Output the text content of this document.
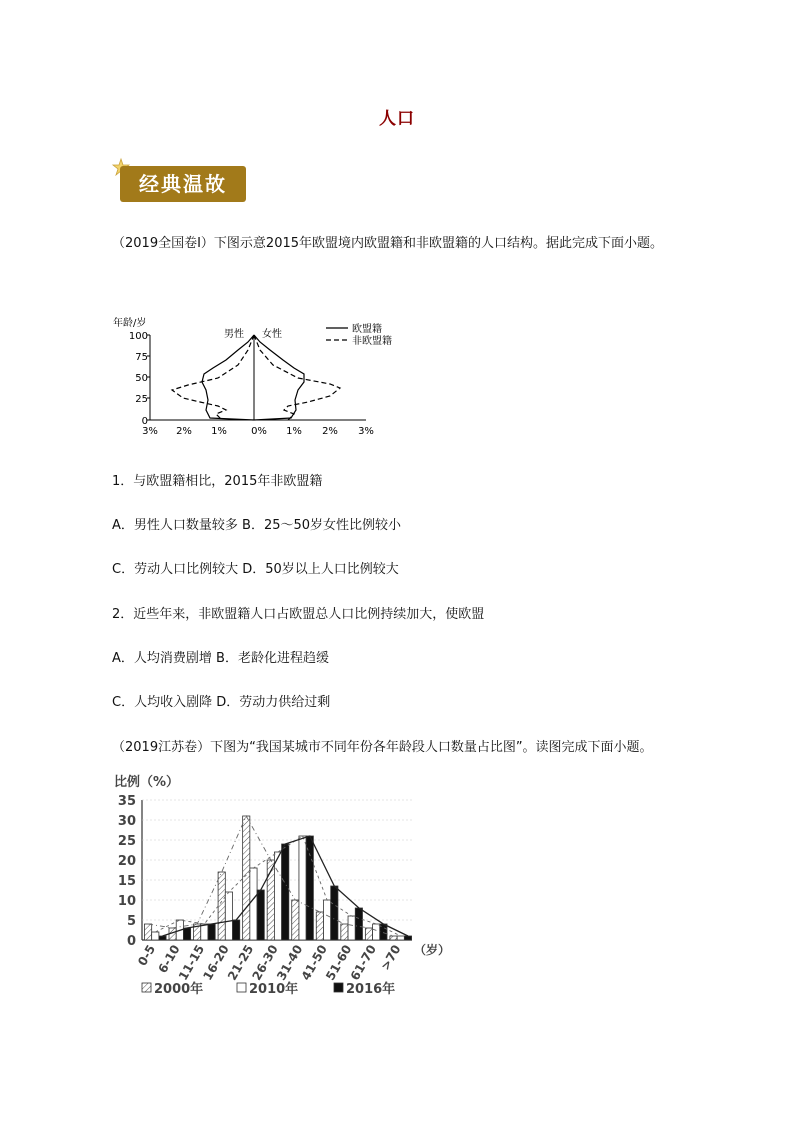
人口
经典温故
（2019全国卷Ⅰ）下图示意2015年欧盟境内欧盟籍和非欧盟籍的人口结构。据此完成下面小题。
年龄/岁
100
75
50
25
0
3% 2% 1% 0% 1% 2% 3%
男性 女性	欧盟籍
非欧盟籍
1．与欧盟籍相比，2015年非欧盟籍
A．男性人口数量较多 B．25～50岁女性比例较小
C．劳动人口比例较大 D．50岁以上人口比例较大
2．近些年来，非欧盟籍人口占欧盟总人口比例持续加大，使欧盟
A．人均消费剧增 B．老龄化进程趋缓
C．人均收入剧降 D．劳动力供给过剩
（2019江苏卷）下图为“我国某城市不同年份各年龄段人口数量占比图”。读图完成下面小题。
比例（%）
（岁）
35
30
25
20
15
10
5
0
0-5
6-10
11-15
16-20
21-25
26-30
31-40
41-50
51-60
61-70 >70
2000年	2010年	2016年
